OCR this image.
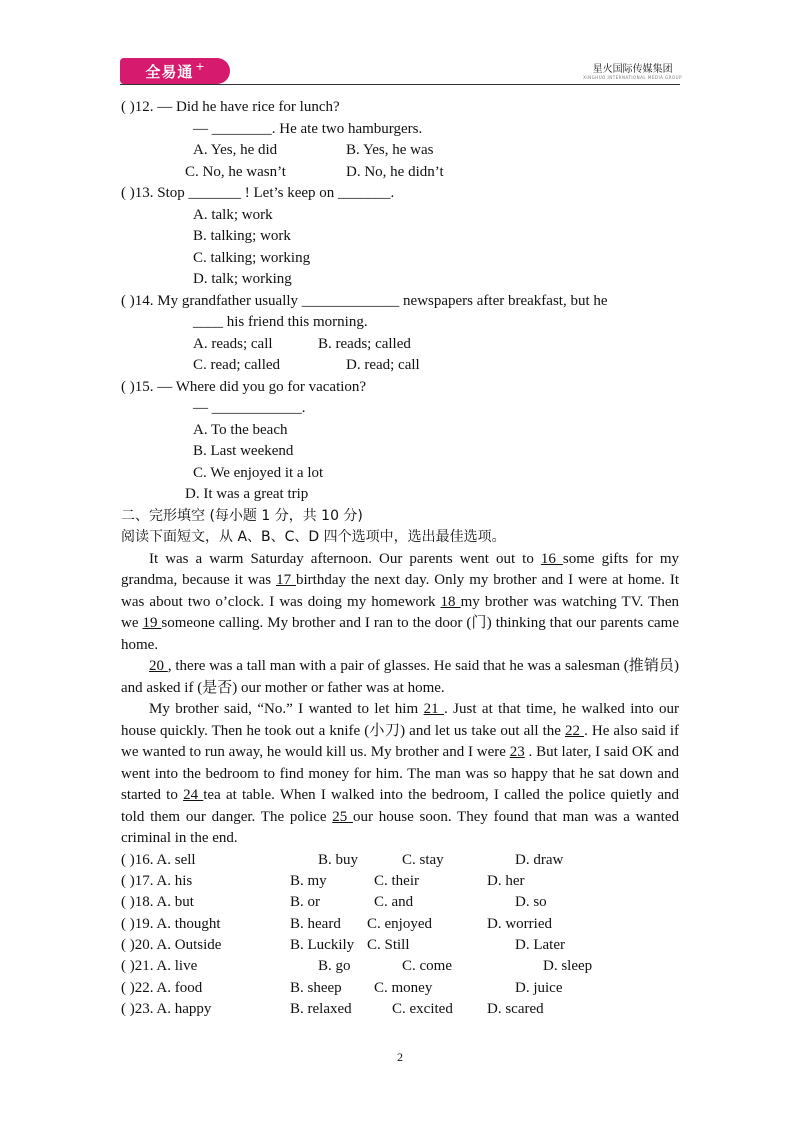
全易通 +	星火国际传媒集团
XINGHUO INTERNATIONAL MEDIA GROUP
( )12. — Did he have rice for lunch?
— ________. He ate two hamburgers.
A. Yes, he did	B. Yes, he was
C. No, he wasn’t	D. No, he didn’t
( )13. Stop _______ ! Let’s keep on _______.
A. talk; work
B. talking; work
C. talking; working
D. talk; working
( )14. My grandfather usually _____________ newspapers after breakfast, but he
____ his friend this morning.
A. reads; call	B. reads; called
C. read; called	D. read; call
( )15. — Where did you go for vacation?
— ____________.
A. To the beach
B. Last weekend
C. We enjoyed it a lot
D. It was a great trip
二、完形填空 (每小题 1 分，共 10 分)
阅读下面短文，从 A、B、C、D 四个选项中，选出最佳选项。

It was a warm Saturday afternoon. Our parents went out to 16 some gifts for my grandma, because it was 17 birthday the next day. Only my brother and I were at home. It was about two o’clock. I was doing my homework 18 my brother was watching TV. Then we 19 someone calling. My brother and I ran to the door (门) thinking that our parents came home.

20 , there was a tall man with a pair of glasses. He said that he was a salesman (推销员) and asked if (是否) our mother or father was at home.

My brother said, “No.” I wanted to let him 21 . Just at that time, he walked into our house quickly. Then he took out a knife (小刀) and let us take out all the 22 . He also said if we wanted to run away, he would kill us. My brother and I were 23 . But later, I said OK and went into the bedroom to find money for him. The man was so happy that he sat down and started to 24 tea at table. When I walked into the bedroom, I called the police quietly and told them our danger. The police 25 our house soon. They found that man was a wanted criminal in the end.

( )16. A. sell	B. buy	C. stay	D. draw
( )17. A. his	B. my	C. their	D. her
( )18. A. but	B. or	C. and	D. so
( )19. A. thought	B. heard C. enjoyed	D. worried
( )20. A. Outside	B. Luckily C. Still	D. Later
( )21. A. live	B. go	C. come	D. sleep
( )22. A. food	B. sheep C. money	D. juice
( )23. A. happy	B. relaxed	C. excited D. scared
2
